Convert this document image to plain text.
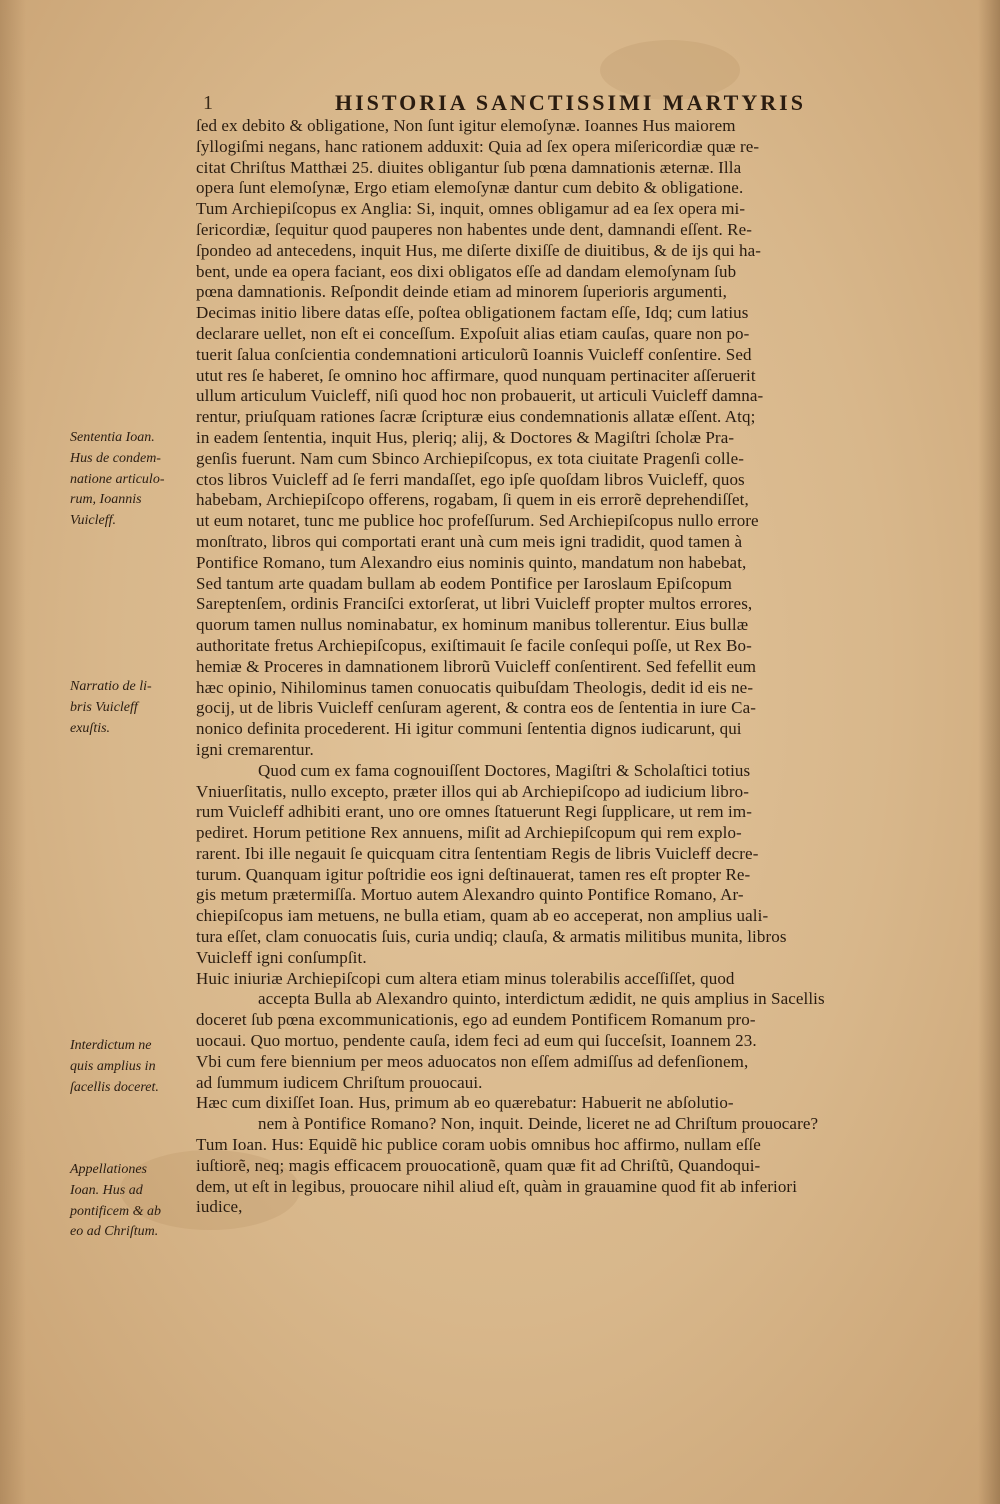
1	HISTORIA SANCTISSIMI MARTYRIS
ſed ex debito & obligatione, Non ſunt igitur elemoſynæ. Ioannes Hus maiorem
ſyllogiſmi negans, hanc rationem adduxit: Quia ad ſex opera miſericordiæ quæ re-
citat Chriſtus Matthæi 25. diuites obligantur ſub pœna damnationis æternæ. Illa
opera ſunt elemoſynæ, Ergo etiam elemoſynæ dantur cum debito & obligatione.
Tum Archiepiſcopus ex Anglia: Si, inquit, omnes obligamur ad ea ſex opera mi-
ſericordiæ, ſequitur quod pauperes non habentes unde dent, damnandi eſſent. Re-
ſpondeo ad antecedens, inquit Hus, me diſerte dixiſſe de diuitibus, & de ijs qui ha-
bent, unde ea opera faciant, eos dixi obligatos eſſe ad dandam elemoſynam ſub
pœna damnationis. Reſpondit deinde etiam ad minorem ſuperioris argumenti,
Decimas initio libere datas eſſe, poſtea obligationem factam eſſe, Idq; cum latius
declarare uellet, non eſt ei conceſſum. Expoſuit alias etiam cauſas, quare non po-
tuerit ſalua conſcientia condemnationi articulorũ Ioannis Vuicleff conſentire. Sed
utut res ſe haberet, ſe omnino hoc affirmare, quod nunquam pertinaciter aſſeruerit
ullum articulum Vuicleff, niſi quod hoc non probauerit, ut articuli Vuicleff damna-
rentur, priuſquam rationes ſacræ ſcripturæ eius condemnationis allatæ eſſent. Atq;
in eadem ſententia, inquit Hus, pleriq; alij, & Doctores & Magiſtri ſcholæ Pra-
genſis fuerunt. Nam cum Sbinco Archiepiſcopus, ex tota ciuitate Pragenſi colle-
ctos libros Vuicleff ad ſe ferri mandaſſet, ego ipſe quoſdam libros Vuicleff, quos
habebam, Archiepiſcopo offerens, rogabam, ſi quem in eis errorẽ deprehendiſſet,
ut eum notaret, tunc me publice hoc profeſſurum. Sed Archiepiſcopus nullo errore
monſtrato, libros qui comportati erant unà cum meis igni tradidit, quod tamen à
Pontifice Romano, tum Alexandro eius nominis quinto, mandatum non habebat,
Sed tantum arte quadam bullam ab eodem Pontifice per Iaroslaum Epiſcopum
Sareptenſem, ordinis Franciſci extorſerat, ut libri Vuicleff propter multos errores,
quorum tamen nullus nominabatur, ex hominum manibus tollerentur. Eius bullæ
authoritate fretus Archiepiſcopus, exiſtimauit ſe facile conſequi poſſe, ut Rex Bo-
hemiæ & Proceres in damnationem librorũ Vuicleff conſentirent. Sed fefellit eum
hæc opinio, Nihilominus tamen conuocatis quibuſdam Theologis, dedit id eis ne-
gocij, ut de libris Vuicleff cenſuram agerent, & contra eos de ſententia in iure Ca-
nonico definita procederent. Hi igitur communi ſententia dignos iudicarunt, qui
igni cremarentur.
Quod cum ex fama cognouiſſent Doctores, Magiſtri & Scholaſtici totius
Vniuerſitatis, nullo excepto, præter illos qui ab Archiepiſcopo ad iudicium libro-
rum Vuicleff adhibiti erant, uno ore omnes ſtatuerunt Regi ſupplicare, ut rem im-
pediret. Horum petitione Rex annuens, miſit ad Archiepiſcopum qui rem explo-
rarent. Ibi ille negauit ſe quicquam citra ſententiam Regis de libris Vuicleff decre-
turum. Quanquam igitur poſtridie eos igni deſtinauerat, tamen res eſt propter Re-
gis metum prætermiſſa. Mortuo autem Alexandro quinto Pontifice Romano, Ar-
chiepiſcopus iam metuens, ne bulla etiam, quam ab eo acceperat, non amplius uali-
tura eſſet, clam conuocatis ſuis, curia undiq; clauſa, & armatis militibus munita, libros
Vuicleff igni conſumpſit.
Huic iniuriæ Archiepiſcopi cum altera etiam minus tolerabilis acceſſiſſet, quod
accepta Bulla ab Alexandro quinto, interdictum ædidit, ne quis amplius in Sacellis
doceret ſub pœna excommunicationis, ego ad eundem Pontificem Romanum pro-
uocaui. Quo mortuo, pendente cauſa, idem feci ad eum qui ſucceſsit, Ioannem 23.
Vbi cum fere biennium per meos aduocatos non eſſem admiſſus ad defenſionem,
ad ſummum iudicem Chriſtum prouocaui.
Hæc cum dixiſſet Ioan. Hus, primum ab eo quærebatur: Habuerit ne abſolutio-
nem à Pontifice Romano? Non, inquit. Deinde, liceret ne ad Chriſtum prouocare?
Tum Ioan. Hus: Equidẽ hic publice coram uobis omnibus hoc affirmo, nullam eſſe
iuſtiorẽ, neq; magis efficacem prouocationẽ, quam quæ fit ad Chriſtũ, Quandoqui-
dem, ut eſt in legibus, prouocare nihil aliud eſt, quàm in grauamine quod fit ab inferiori
iudice,
Sententia Ioan.
Hus de condem-
natione articulo-
rum, Ioannis
Vuicleff.
Narratio de li-
bris Vuicleff
exuſtis.
Interdictum ne
quis amplius in
ſacellis doceret.
Appellationes
Ioan. Hus ad
pontificem & ab
eo ad Chriſtum.
